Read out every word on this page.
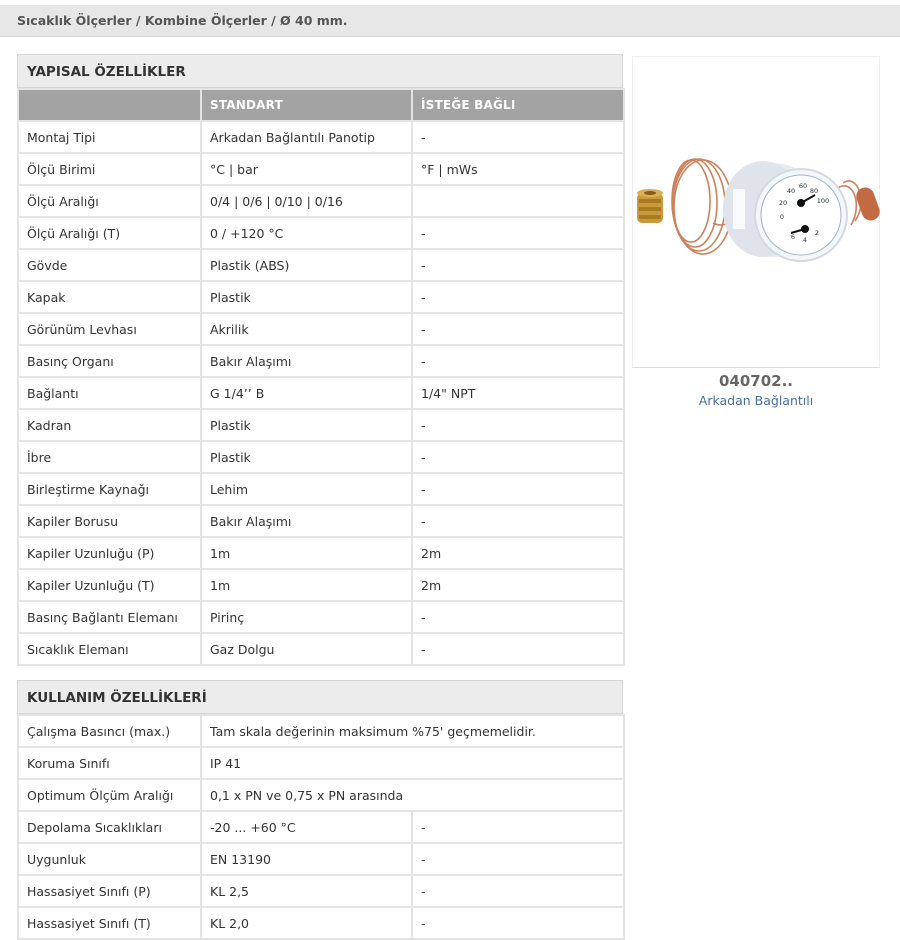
Sıcaklık Ölçerler / Kombine Ölçerler / Ø 40 mm.
YAPISAL ÖZELLİKLER
	STANDART	İSTEĞE BAĞLI
Montaj Tipi	Arkadan Bağlantılı Panotip	-
Ölçü Birimi	°C | bar	°F | mWs
Ölçü Aralığı	0/4 | 0/6 | 0/10 | 0/16	
Ölçü Aralığı (T)	0 / +120 °C	-
Gövde	Plastik (ABS)	-
Kapak	Plastik	-
Görünüm Levhası	Akrilik	-
Basınç Organı	Bakır Alaşımı	-
Bağlantı	G 1/4’’ B	1/4" NPT
Kadran	Plastik	-
İbre	Plastik	-
Birleştirme Kaynağı	Lehim	-
Kapiler Borusu	Bakır Alaşımı	-
Kapiler Uzunluğu (P)	1m	2m
Kapiler Uzunluğu (T)	1m	2m
Basınç Bağlantı Elemanı	Pirinç	-
Sıcaklık Elemanı	Gaz Dolgu	-
KULLANIM ÖZELLİKLERİ
Çalışma Basıncı (max.)	Tam skala değerinin maksimum %75' geçmemelidir.	
Koruma Sınıfı	IP 41	
Optimum Ölçüm Aralığı	0,1 x PN ve 0,75 x PN arasında	
Depolama Sıcaklıkları	-20 ... +60 °C	-
Uygunluk	EN 13190	-
Hassasiyet Sınıfı (P)	KL 2,5	-
Hassasiyet Sınıfı (T)	KL 2,0	-
60
80
40
100
20
0
2
4
6
040702..
Arkadan Bağlantılı
